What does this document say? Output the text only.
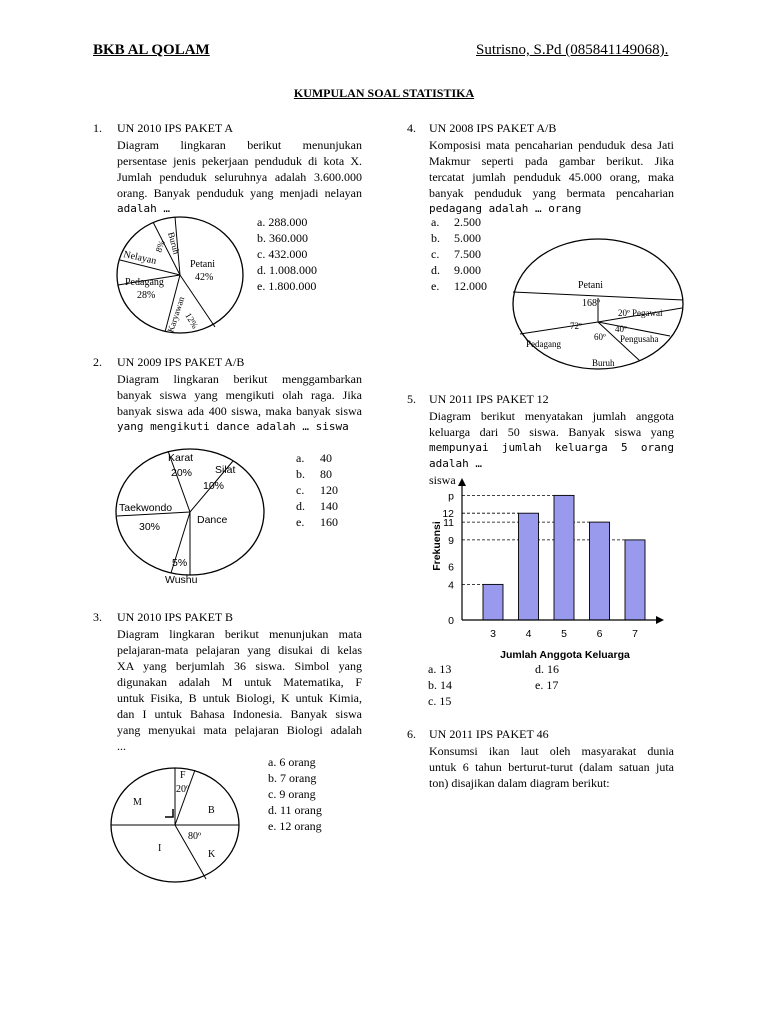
BKB AL QOLAM	Sutrisno, S.Pd (085841149068).
KUMPULAN SOAL STATISTIKA
1. UN 2010 IPS PAKET A
Diagram lingkaran berikut menunjukan
persentase jenis pekerjaan penduduk di kota X.
Jumlah penduduk seluruhnya adalah 3.600.000
orang. Banyak penduduk yang menjadi nelayan
adalah …
a. 288.000
b. 360.000
c. 432.000
d. 1.008.000
e. 1.800.000
8% Buruh
Nelayan	Petani
42%
Pedagang
28% Karyawan
12%
2. UN 2009 IPS PAKET A/B
Diagram lingkaran berikut menggambarkan
banyak siswa yang mengikuti olah raga. Jika
banyak siswa ada 400 siswa, maka banyak siswa
yang mengikuti dance adalah … siswa
a. 40
b. 80
c. 120
d. 140
e. 160
Karat
20% Silat
10%
Taekwondo
30%
Dance
5%
Wushu
3. UN 2010 IPS PAKET B
Diagram lingkaran berikut menunjukan mata
pelajaran-mata pelajaran yang disukai di kelas
XA yang berjumlah 36 siswa. Simbol yang
digunakan adalah M untuk Matematika, F
untuk Fisika, B untuk Biologi, K untuk Kimia,
dan I untuk Bahasa Indonesia. Banyak siswa
yang menyukai mata pelajaran Biologi adalah
...
a. 6 orang
b. 7 orang
c. 9 orang
d. 11 orang
e. 12 orang
F
20º
M
B
80º
I
K
4. UN 2008 IPS PAKET A/B
Komposisi mata pencaharian penduduk desa Jati
Makmur seperti pada gambar berikut. Jika
tercatat jumlah penduduk 45.000 orang, maka
banyak penduduk yang bermata pencaharian
pedagang adalah … orang
a. 2.500
b. 5.000
c. 7.500
d. 9.000
e. 12.000	Petani
168º
20º Pegawai
72º
60º
40º
Pengusaha
Pedagang
Buruh
5. UN 2011 IPS PAKET 12
Diagram berikut menyatakan jumlah anggota
keluarga dari 50 siswa. Banyak siswa yang
mempunyai jumlah keluarga 5 orang adalah …
siswa
4
12
p
11
9
0
6
3	4	5	6	7
Frekuensi
Jumlah Anggota Keluarga
a. 13
b. 14
c. 15
d. 16
e. 17
6. UN 2011 IPS PAKET 46
Konsumsi ikan laut oleh masyarakat dunia
untuk 6 tahun berturut-turut (dalam satuan juta
ton) disajikan dalam diagram berikut:
